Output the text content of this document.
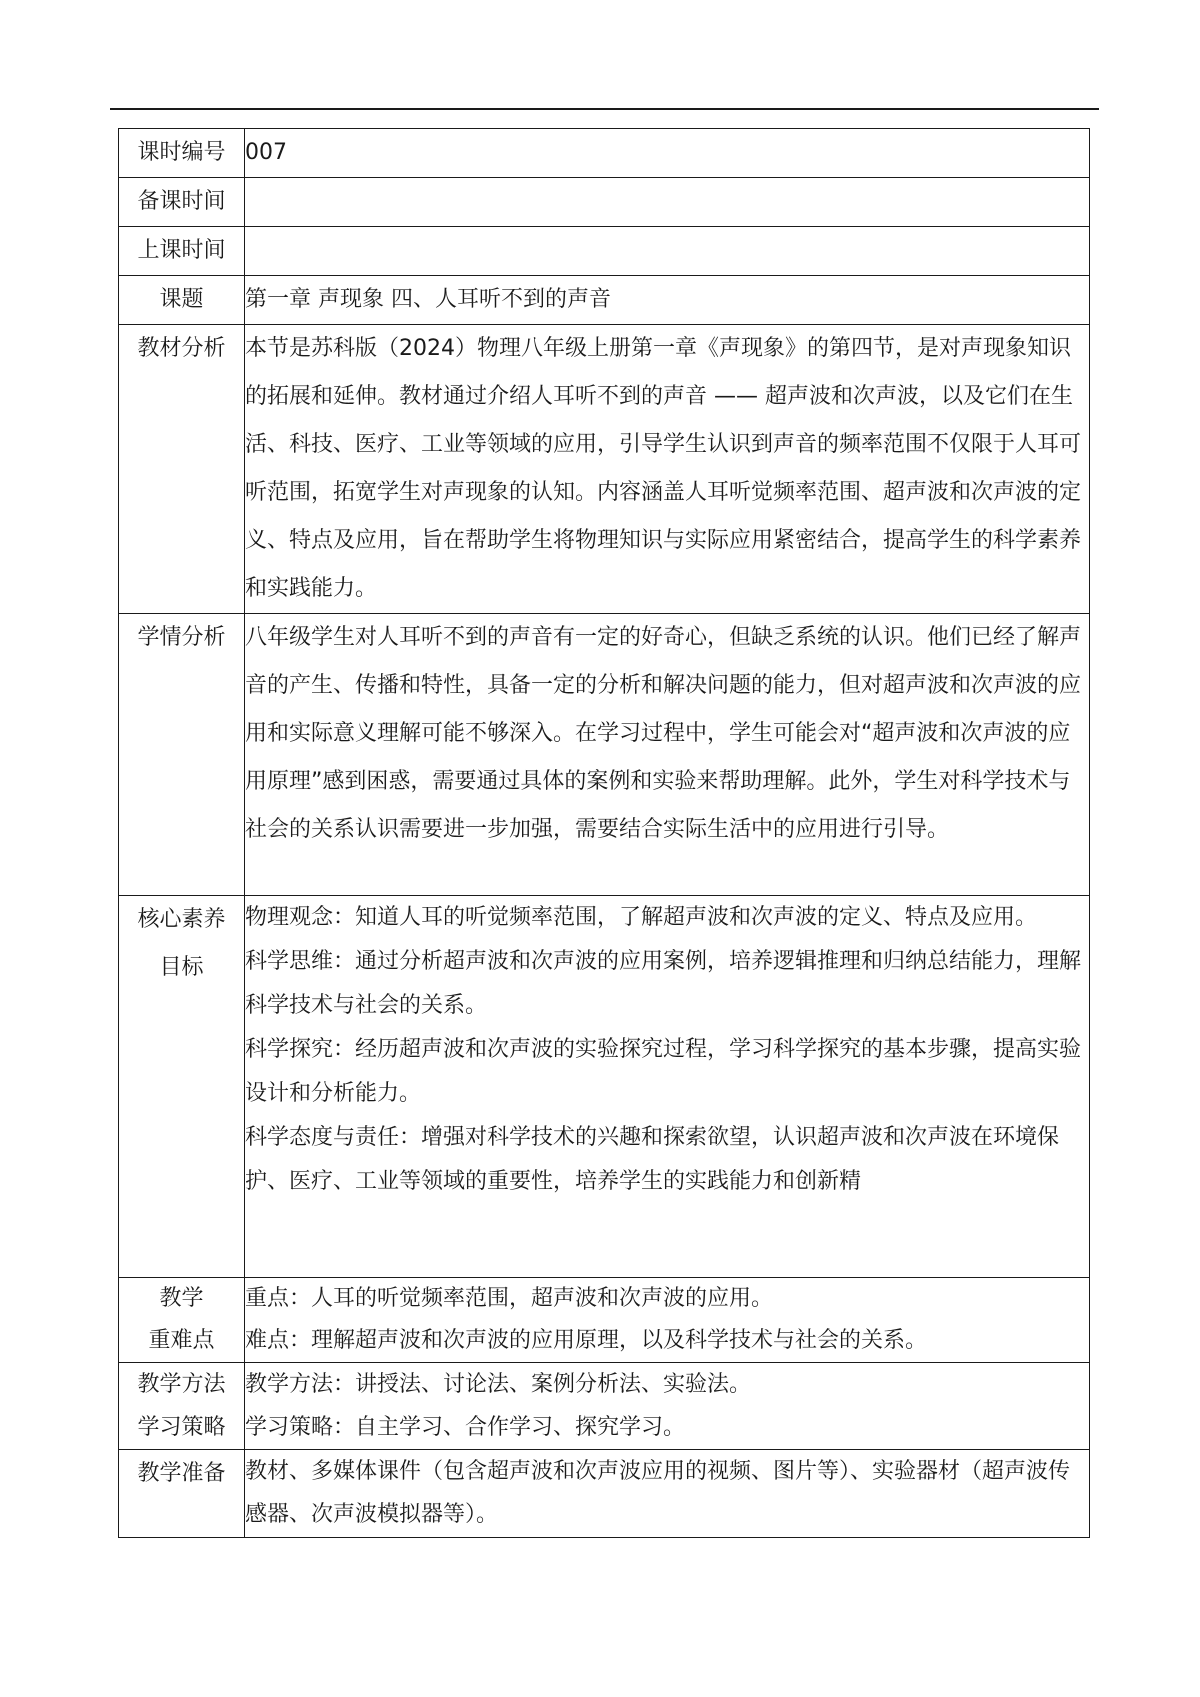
课时编号	007

备课时间	

上课时间	

课题	第一章 声现象 四、人耳听不到的声音

教材分析	本节是苏科版（2024）物理八年级上册第一章《声现象》的第四节，是对声现象知识的拓展和延伸。教材通过介绍人耳听不到的声音 —— 超声波和次声波，以及它们在生活、科技、医疗、工业等领域的应用，引导学生认识到声音的频率范围不仅限于人耳可听范围，拓宽学生对声现象的认知。内容涵盖人耳听觉频率范围、超声波和次声波的定义、特点及应用，旨在帮助学生将物理知识与实际应用紧密结合，提高学生的科学素养和实践能力。

学情分析	八年级学生对人耳听不到的声音有一定的好奇心，但缺乏系统的认识。他们已经了解声音的产生、传播和特性，具备一定的分析和解决问题的能力，但对超声波和次声波的应用和实际意义理解可能不够深入。在学习过程中，学生可能会对“超声波和次声波的应用原理”感到困惑，需要通过具体的案例和实验来帮助理解。此外，学生对科学技术与社会的关系认识需要进一步加强，需要结合实际生活中的应用进行引导。

核心素养
目标	物理观念：知道人耳的听觉频率范围，了解超声波和次声波的定义、特点及应用。
科学思维：通过分析超声波和次声波的应用案例，培养逻辑推理和归纳总结能力，理解科学技术与社会的关系。
科学探究：经历超声波和次声波的实验探究过程，学习科学探究的基本步骤，提高实验设计和分析能力。
科学态度与责任：增强对科学技术的兴趣和探索欲望，认识超声波和次声波在环境保护、医疗、工业等领域的重要性，培养学生的实践能力和创新精

教学
重难点	重点：人耳的听觉频率范围，超声波和次声波的应用。
难点：理解超声波和次声波的应用原理，以及科学技术与社会的关系。

教学方法
学习策略	教学方法：讲授法、讨论法、案例分析法、实验法。
学习策略：自主学习、合作学习、探究学习。

教学准备	教材、多媒体课件（包含超声波和次声波应用的视频、图片等）、实验器材（超声波传感器、次声波模拟器等）。
